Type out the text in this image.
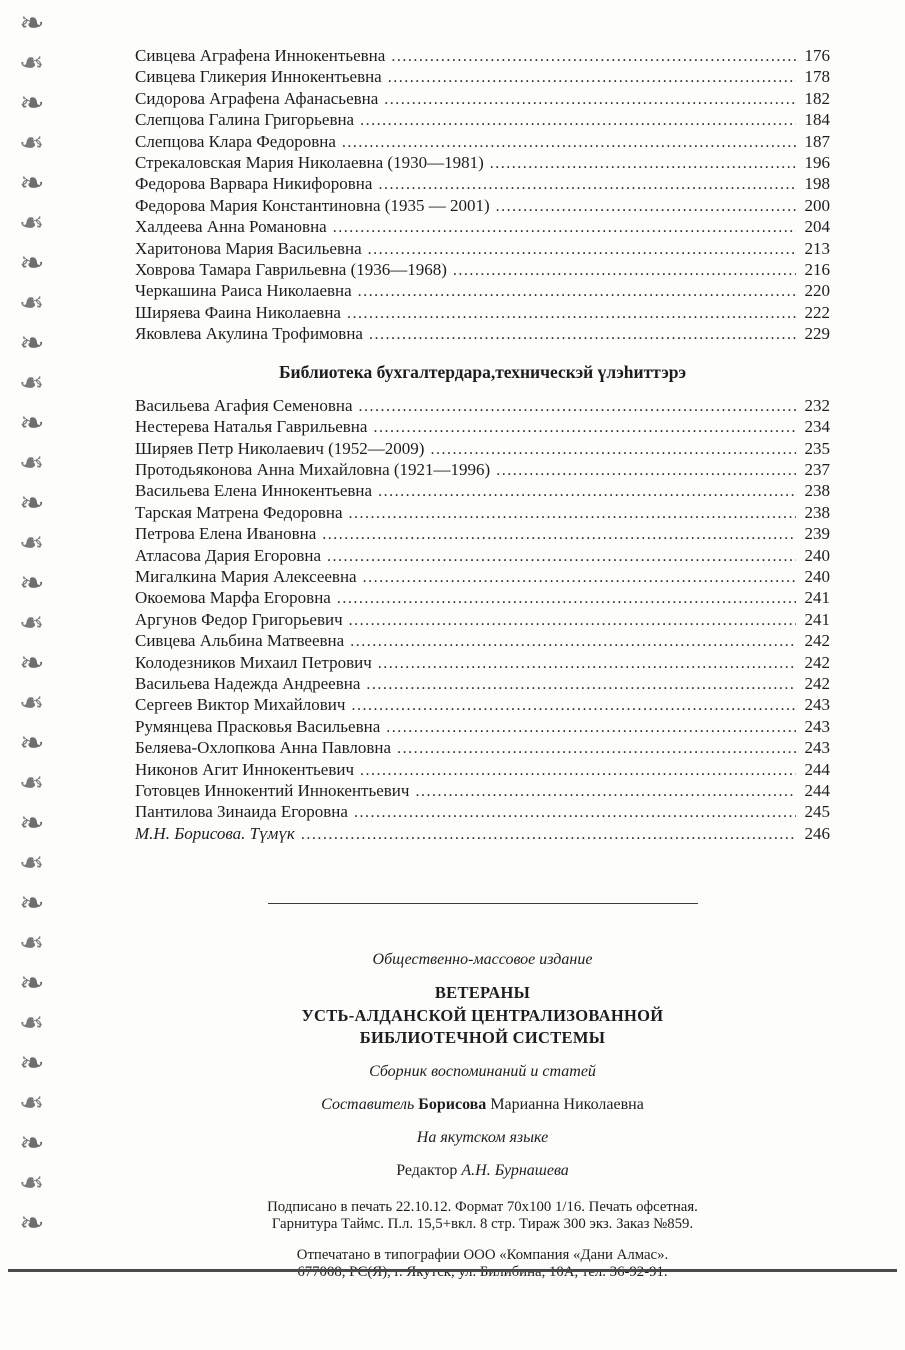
❧
❧
❧
❧
❧
❧
❧
❧
❧
❧
❧
❧
❧
❧
❧
❧
❧
❧
❧
❧
❧
❧
❧
❧
❧
❧
❧
❧
❧
❧
❧
Сивцева Аграфена Иннокентьевна .....	176
Сивцева Гликерия Иннокентьевна .....	178
Сидорова Аграфена Афанасьевна .....	182
Слепцова Галина Григорьевна .....	184
Слепцова Клара Федоровна .....	187
Стрекаловская Мария Николаевна (1930—1981) .....	196
Федорова Варвара Никифоровна .....	198
Федорова Мария Константиновна (1935 — 2001) .....	200
Халдеева Анна Романовна .....	204
Харитонова Мария Васильевна .....	213
Ховрова Тамара Гаврильевна (1936—1968) .....	216
Черкашина Раиса Николаевна .....	220
Ширяева Фаина Николаевна .....	222
Яковлева Акулина Трофимовна .....	229
Библиотека бухгалтердара,техническэй үлэһиттэрэ
Васильева Агафия Семеновна .....	232
Нестерева Наталья Гаврильевна .....	234
Ширяев Петр Николаевич (1952—2009) .....	235
Протодьяконова Анна Михайловна (1921—1996) .....	237
Васильева Елена Иннокентьевна .....	238
Тарская Матрена Федоровна .....	238
Петрова Елена Ивановна .....	239
Атласова Дария Егоровна .....	240
Мигалкина Мария Алексеевна .....	240
Окоемова Марфа Егоровна .....	241
Аргунов Федор Григорьевич .....	241
Сивцева Альбина Матвеевна .....	242
Колодезников Михаил Петрович .....	242
Васильева Надежда Андреевна .....	242
Сергеев Виктор Михайлович .....	243
Румянцева Прасковья Васильевна .....	243
Беляева-Охлопкова Анна Павловна .....	243
Никонов Агит Иннокентьевич .....	244
Готовцев Иннокентий Иннокентьевич .....	244
Пантилова Зинаида Егоровна .....	245
М.Н. Борисова. Түмүк .....	246
Общественно-массовое издание
ВЕТЕРАНЫ
УСТЬ-АЛДАНСКОЙ ЦЕНТРАЛИЗОВАННОЙ
БИБЛИОТЕЧНОЙ СИСТЕМЫ
Сборник воспоминаний и статей
Составитель Борисова Марианна Николаевна
На якутском языке
Редактор А.Н. Бурнашева
Подписано в печать 22.10.12. Формат 70х100 1/16. Печать офсетная.
Гарнитура Таймс. П.л. 15,5+вкл. 8 стр. Тираж 300 экз. Заказ №859.
Отпечатано в типографии ООО «Компания «Дани Алмас».
677008, РС(Я), г. Якутск, ул. Билибина, 10А, тел. 36-92-91.
